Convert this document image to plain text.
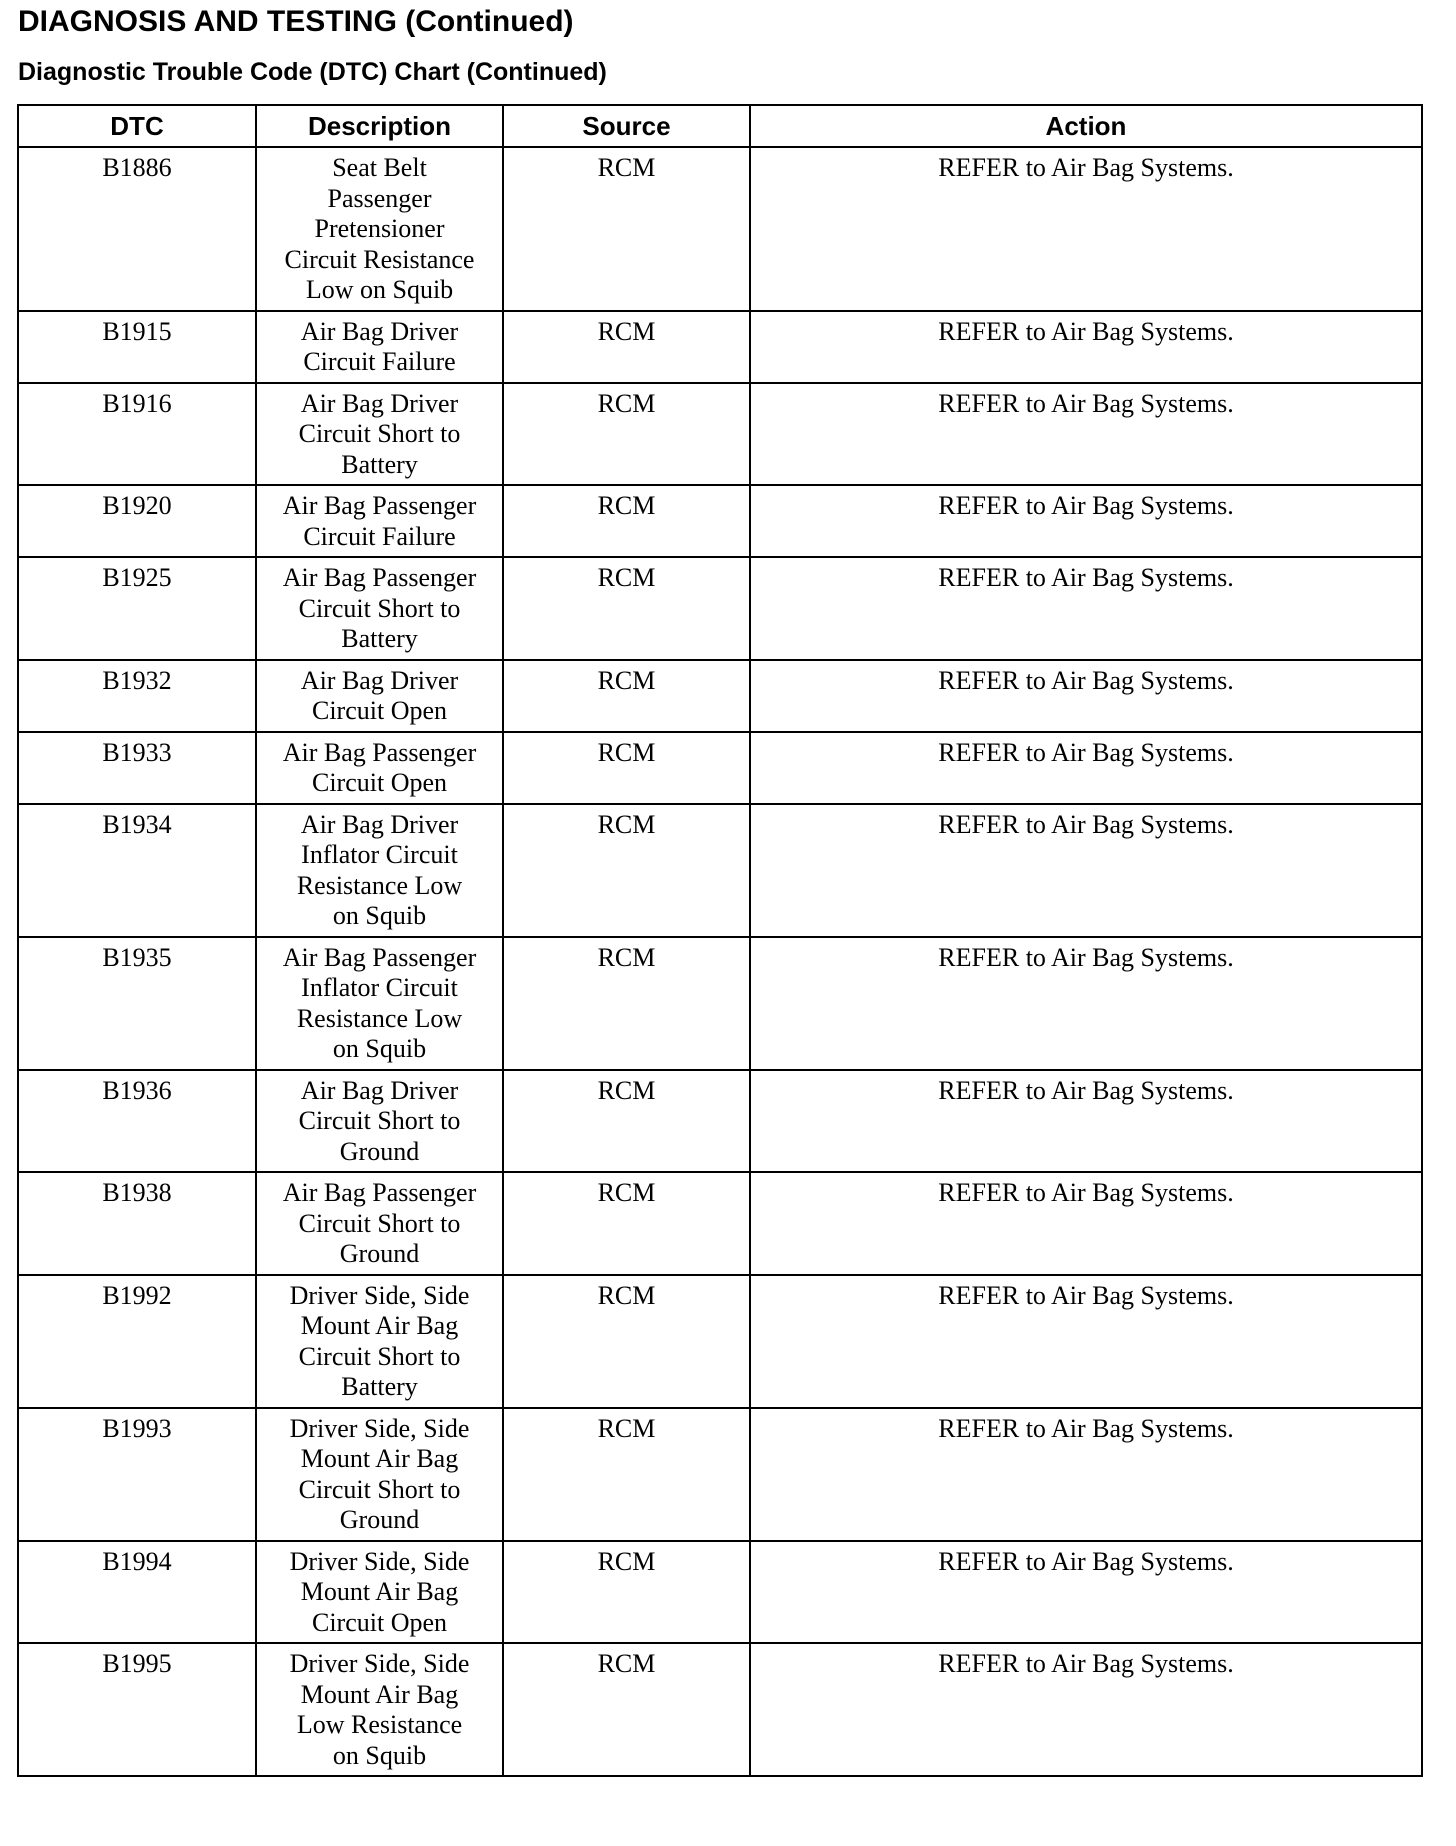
DIAGNOSIS AND TESTING (Continued)
Diagnostic Trouble Code (DTC) Chart (Continued)
DTC	Description	Source	Action
B1886	Seat Belt
Passenger
Pretensioner
Circuit Resistance
Low on Squib	RCM	REFER to Air Bag Systems.
B1915	Air Bag Driver
Circuit Failure	RCM	REFER to Air Bag Systems.
B1916	Air Bag Driver
Circuit Short to
Battery	RCM	REFER to Air Bag Systems.
B1920	Air Bag Passenger
Circuit Failure	RCM	REFER to Air Bag Systems.
B1925	Air Bag Passenger
Circuit Short to
Battery	RCM	REFER to Air Bag Systems.
B1932	Air Bag Driver
Circuit Open	RCM	REFER to Air Bag Systems.
B1933	Air Bag Passenger
Circuit Open	RCM	REFER to Air Bag Systems.
B1934	Air Bag Driver
Inflator Circuit
Resistance Low
on Squib	RCM	REFER to Air Bag Systems.
B1935	Air Bag Passenger
Inflator Circuit
Resistance Low
on Squib	RCM	REFER to Air Bag Systems.
B1936	Air Bag Driver
Circuit Short to
Ground	RCM	REFER to Air Bag Systems.
B1938	Air Bag Passenger
Circuit Short to
Ground	RCM	REFER to Air Bag Systems.
B1992	Driver Side, Side
Mount Air Bag
Circuit Short to
Battery	RCM	REFER to Air Bag Systems.
B1993	Driver Side, Side
Mount Air Bag
Circuit Short to
Ground	RCM	REFER to Air Bag Systems.
B1994	Driver Side, Side
Mount Air Bag
Circuit Open	RCM	REFER to Air Bag Systems.
B1995	Driver Side, Side
Mount Air Bag
Low Resistance
on Squib	RCM	REFER to Air Bag Systems.
